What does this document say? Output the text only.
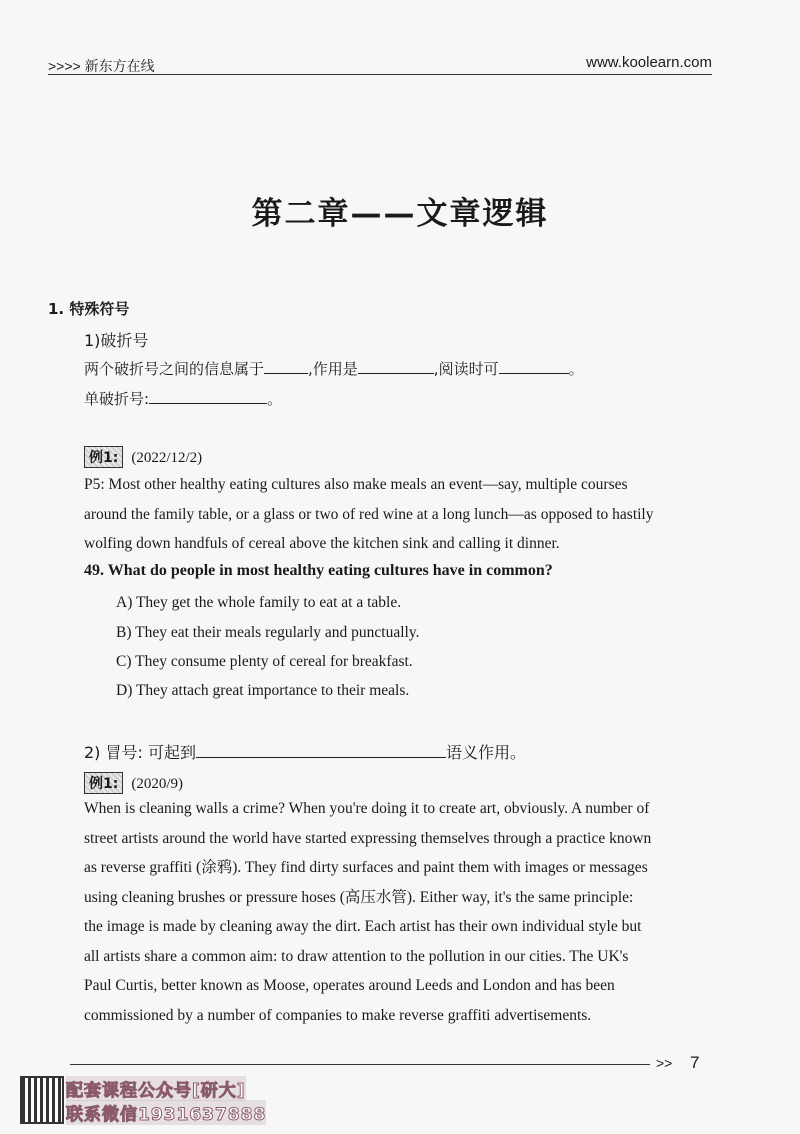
>>>> 新东方在线	www.koolearn.com
第二章——文章逻辑
1. 特殊符号
1)破折号
两个破折号之间的信息属于	,作用是	,阅读时可	。
单破折号:	。
例1: (2022/12/2)
P5: Most other healthy eating cultures also make meals an event—say, multiple courses
around the family table, or a glass or two of red wine at a long lunch—as opposed to hastily
wolfing down handfuls of cereal above the kitchen sink and calling it dinner.
49. What do people in most healthy eating cultures have in common?
A) They get the whole family to eat at a table.
B) They eat their meals regularly and punctually.
C) They consume plenty of cereal for breakfast.
D) They attach great importance to their meals.
2) 冒号: 可起到	语义作用。
例1: (2020/9)
When is cleaning walls a crime? When you're doing it to create art, obviously. A number of
street artists around the world have started expressing themselves through a practice known
as reverse graffiti (涂鸦). They find dirty surfaces and paint them with images or messages
using cleaning brushes or pressure hoses (高压水管). Either way, it's the same principle:
the image is made by cleaning away the dirt. Each artist has their own individual style but
all artists share a common aim: to draw attention to the pollution in our cities. The UK's
Paul Curtis, better known as Moose, operates around Leeds and London and has been
commissioned by a number of companies to make reverse graffiti advertisements.
>> 7
配套课程公众号[研大]
联系微信1931637888
